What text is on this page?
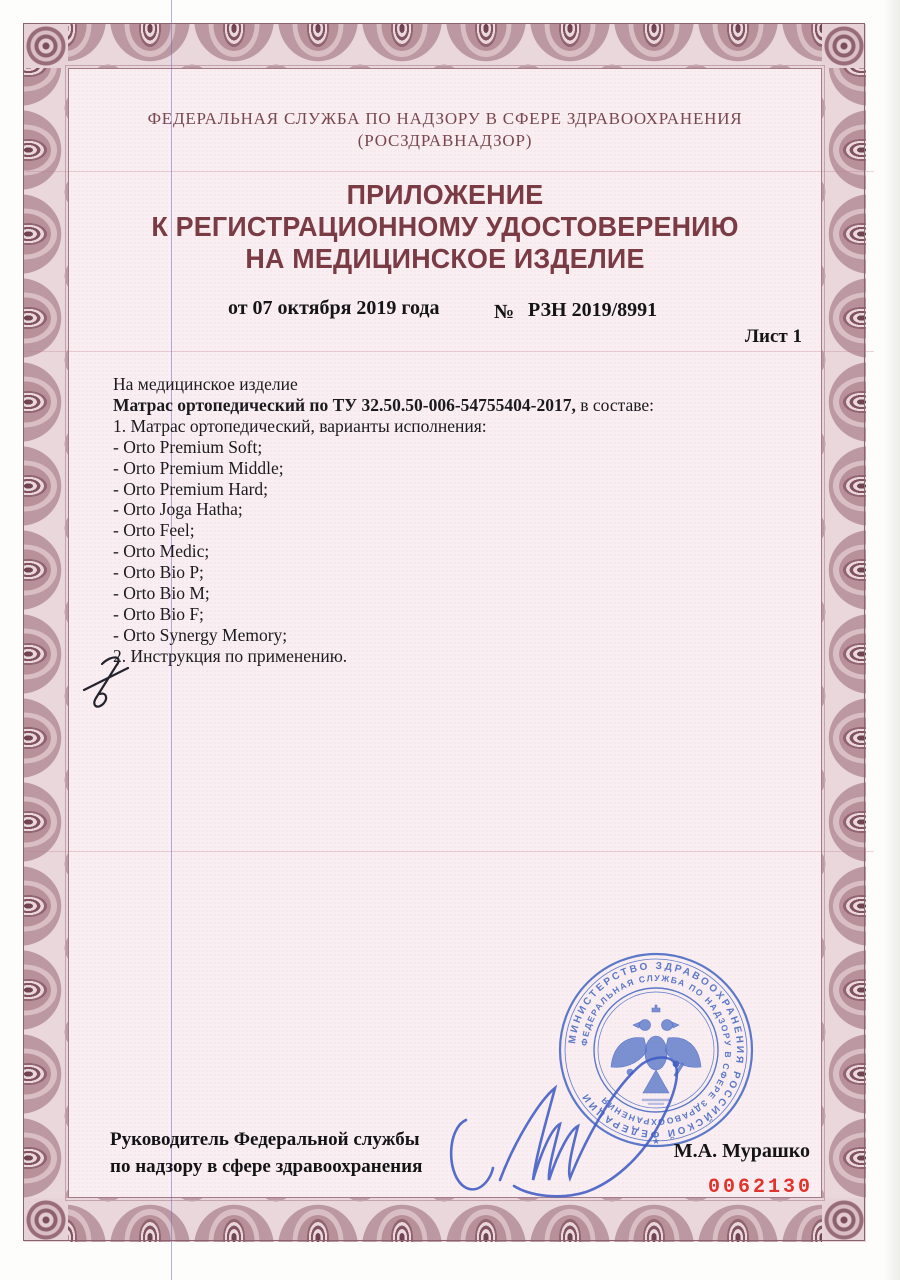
ФЕДЕРАЛЬНАЯ СЛУЖБА ПО НАДЗОРУ В СФЕРЕ ЗДРАВООХРАНЕНИЯ
(РОСЗДРАВНАДЗОР)
ПРИЛОЖЕНИЕ
К РЕГИСТРАЦИОННОМУ УДОСТОВЕРЕНИЮ
НА МЕДИЦИНСКОЕ ИЗДЕЛИЕ
от 07 октября 2019 года	№ РЗН 2019/8991
Лист 1
На медицинское изделие
Матрас ортопедический по ТУ 32.50.50-006-54755404-2017, в составе:
1. Матрас ортопедический, варианты исполнения:
- Orto Premium Soft;
- Orto Premium Middle;
- Orto Premium Hard;
- Orto Joga Hatha;
- Orto Feel;
- Orto Medic;
- Orto Bio P;
- Orto Bio M;
- Orto Bio F;
- Orto Synergy Memory;
2. Инструкция по применению.
МИНИСТЕРСТВО ЗДРАВООХРАНЕНИЯ РОССИЙСКОЙ ФЕДЕРАЦИИ
ФЕДЕРАЛЬНАЯ СЛУЖБА ПО НАДЗОРУ В СФЕРЕ ЗДРАВООХРАНЕНИЯ
★
Руководитель Федеральной службы
по надзору в сфере здравоохранения
М.А. Мурашко
0062130
